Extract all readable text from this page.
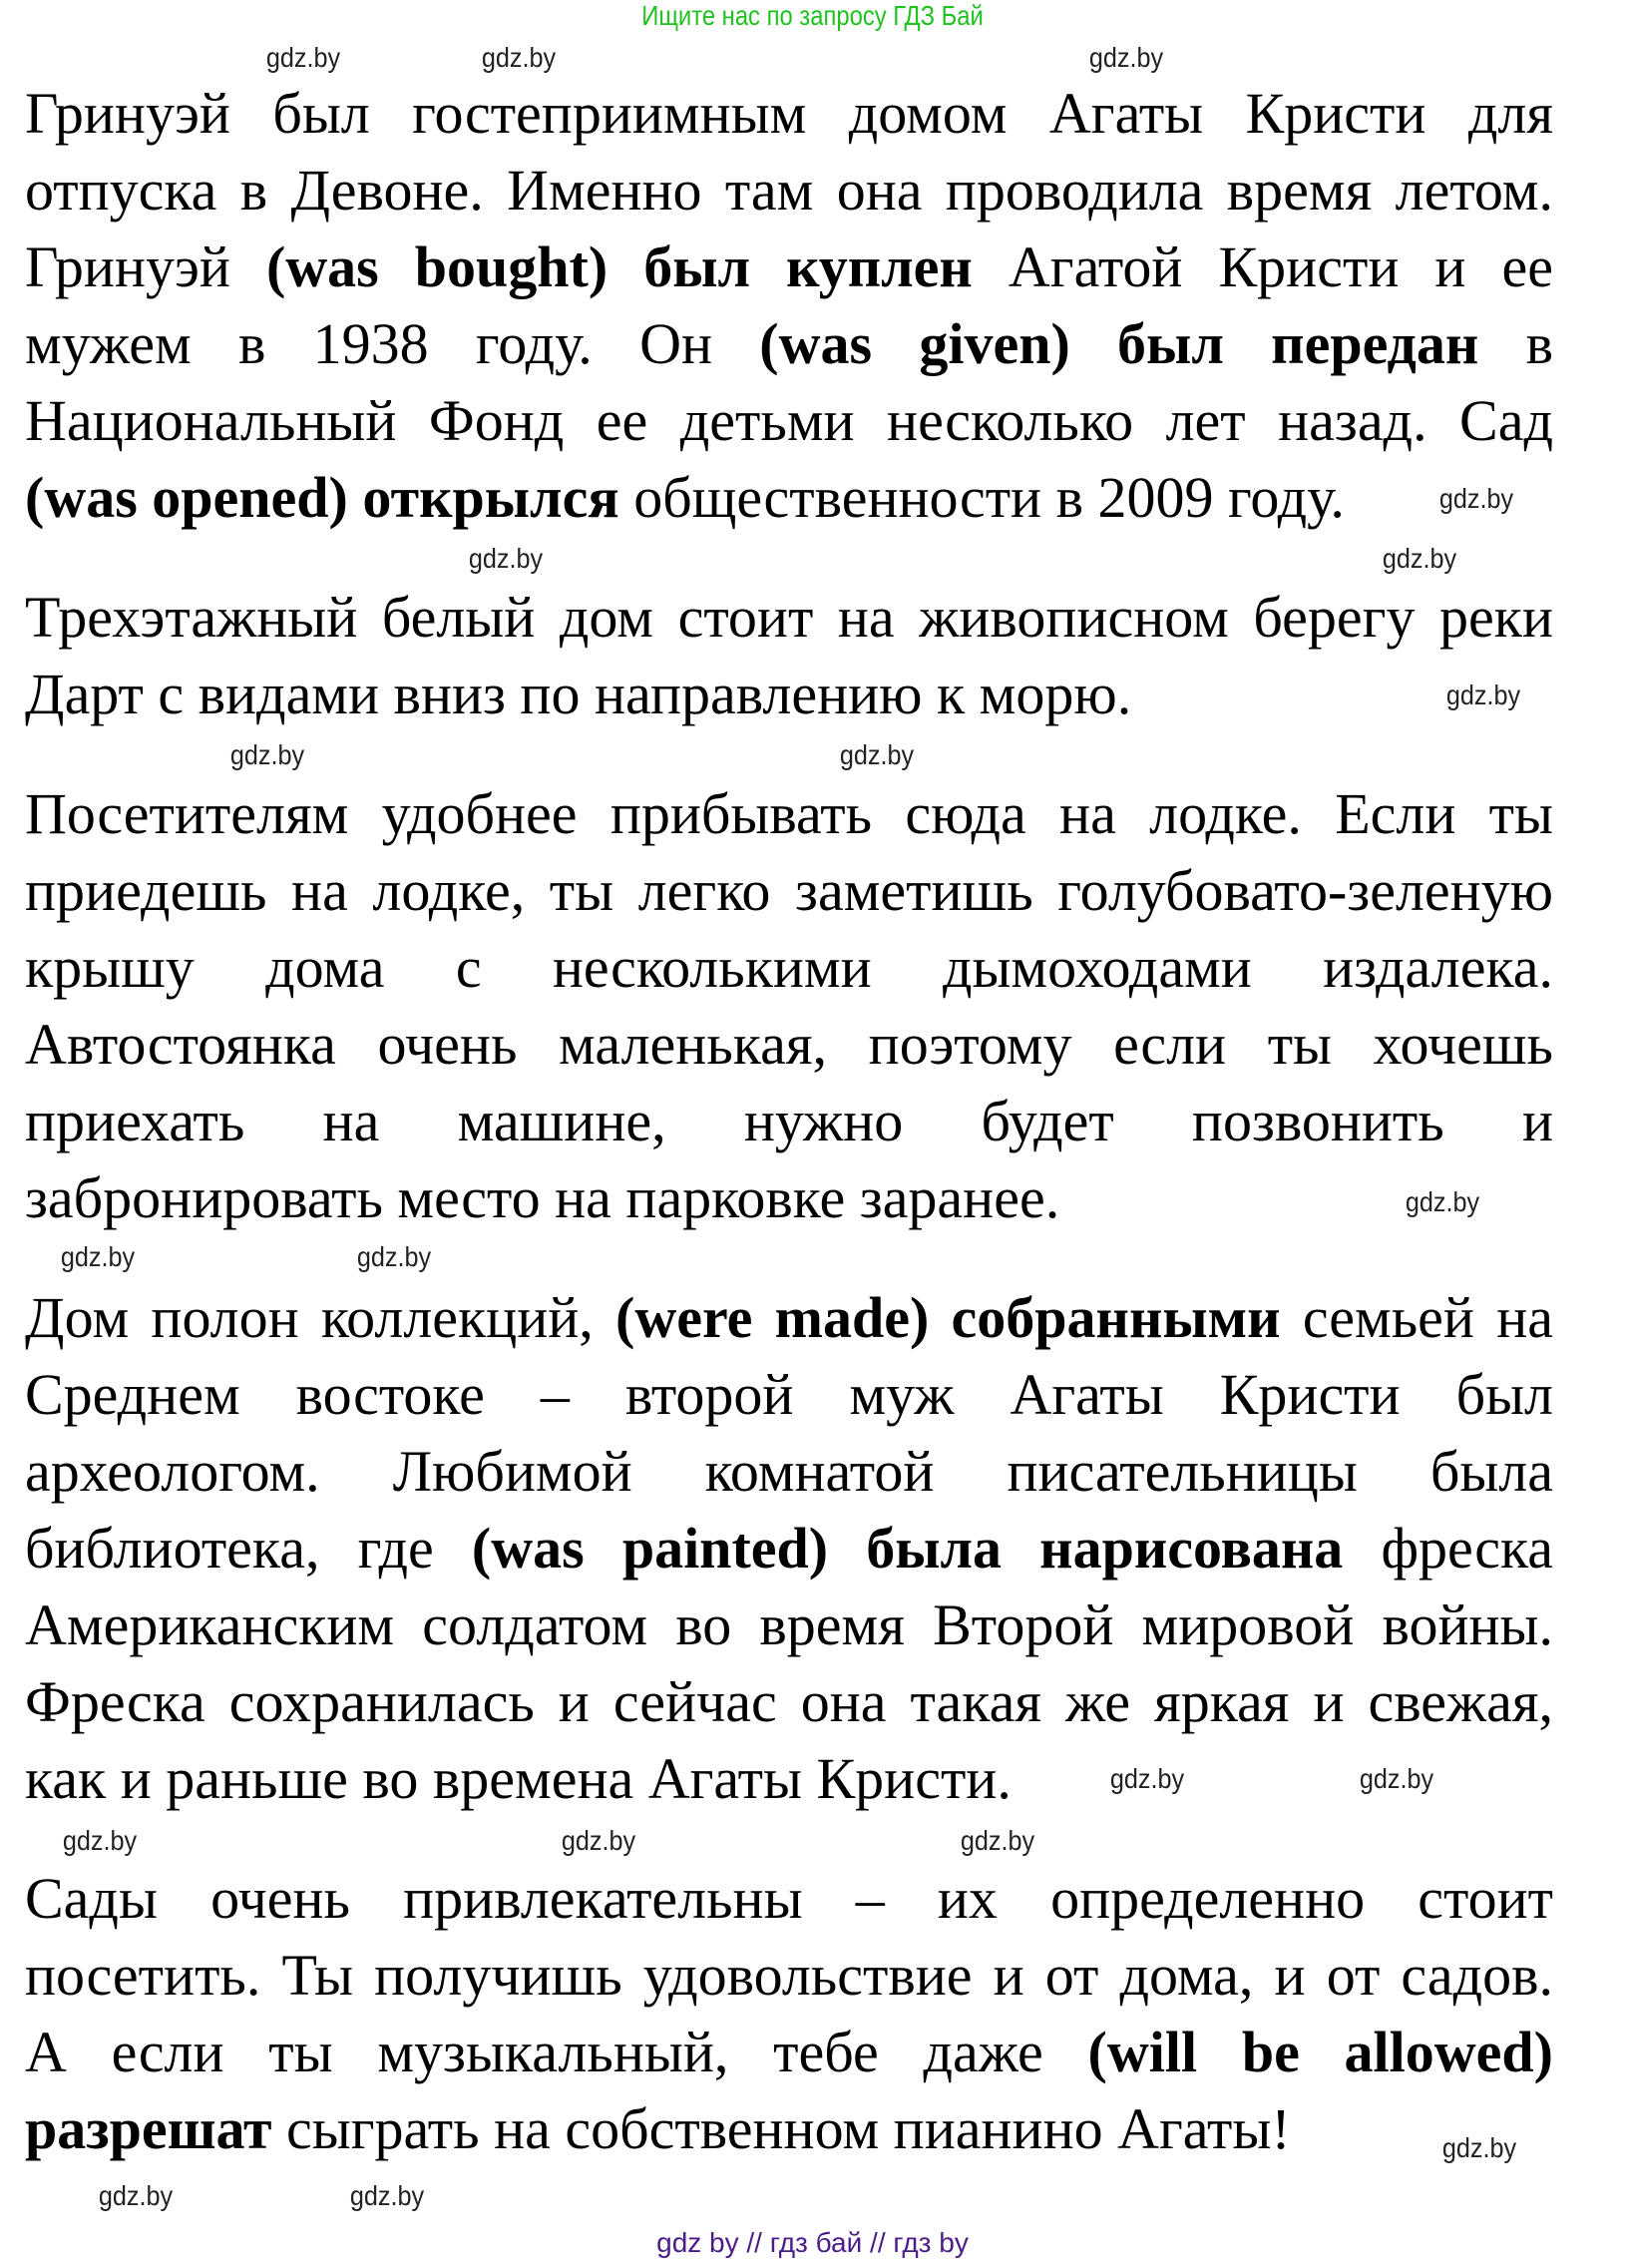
Ищите нас по запросу ГДЗ Бай
Гринуэй был гостеприимным домом Агаты Кристи для
отпуска в Девоне. Именно там она проводила время летом.
Гринуэй (was bought) был куплен Агатой Кристи и ее
мужем в 1938 году. Он (was given) был передан в
Национальный Фонд ее детьми несколько лет назад. Сад
(was opened) открылся общественности в 2009 году.
Трехэтажный белый дом стоит на живописном берегу реки
Дарт с видами вниз по направлению к морю.
Посетителям удобнее прибывать сюда на лодке. Если ты
приедешь на лодке, ты легко заметишь голубовато-зеленую
крышу дома с несколькими дымоходами издалека.
Автостоянка очень маленькая, поэтому если ты хочешь
приехать на машине, нужно будет позвонить и
забронировать место на парковке заранее.
Дом полон коллекций, (were made) собранными семьей на
Среднем востоке – второй муж Агаты Кристи был
археологом. Любимой комнатой писательницы была
библиотека, где (was painted) была нарисована фреска
Американским солдатом во время Второй мировой войны.
Фреска сохранилась и сейчас она такая же яркая и свежая,
как и раньше во времена Агаты Кристи.
Сады очень привлекательны – их определенно стоит
посетить. Ты получишь удовольствие и от дома, и от садов.
А если ты музыкальный, тебе даже (will be allowed)
разрешат сыграть на собственном пианино Агаты!
gdz.by	gdz.by
gdz.by
gdz.by
gdz.by
gdz.by
gdz.by
gdz.by	gdz.by
gdz.by
gdz.by
gdz.by
gdz.by
gdz.by	gdz.by
gdz.by
gdz.by
gdz.by
gdz.by
gdz.by
gdz by // гдз бай // гдз by
